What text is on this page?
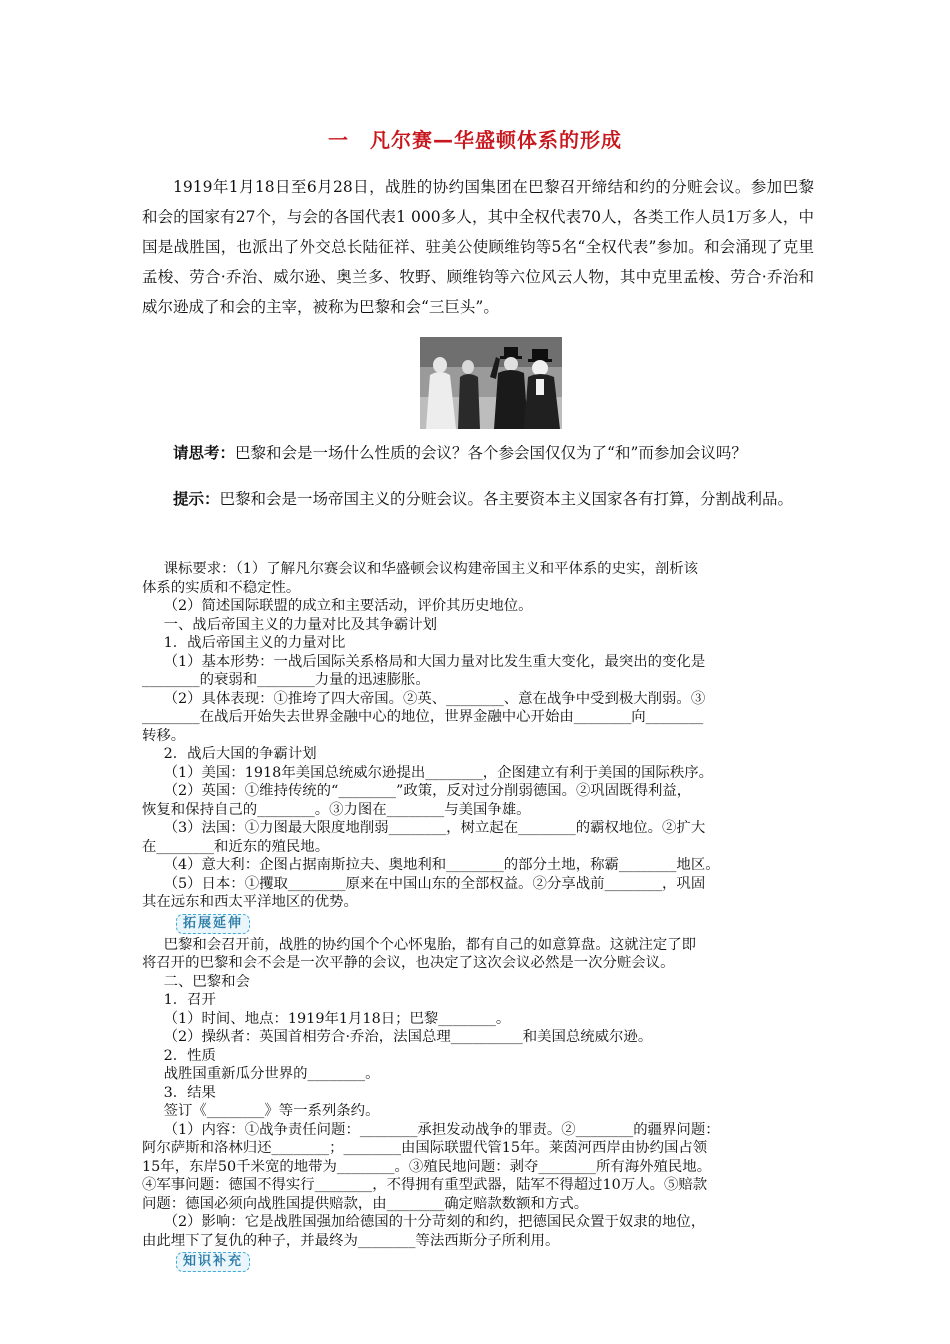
一　凡尔赛—华盛顿体系的形成

1919年1月18日至6月28日，战胜的协约国集团在巴黎召开缔结和约的分赃会议。参加巴黎和会的国家有27个，与会的各国代表1 000多人，其中全权代表70人，各类工作人员1万多人，中国是战胜国，也派出了外交总长陆征祥、驻美公使顾维钧等5名“全权代表”参加。和会涌现了克里孟梭、劳合·乔治、威尔逊、奥兰多、牧野、顾维钧等六位风云人物，其中克里孟梭、劳合·乔治和威尔逊成了和会的主宰，被称为巴黎和会“三巨头”。

请思考：巴黎和会是一场什么性质的会议？各个参会国仅仅为了“和”而参加会议吗？

提示：巴黎和会是一场帝国主义的分赃会议。各主要资本主义国家各有打算，分割战利品。

课标要求：（1）了解凡尔赛会议和华盛顿会议构建帝国主义和平体系的史实，剖析该
体系的实质和不稳定性。
（2）简述国际联盟的成立和主要活动，评价其历史地位。
一、战后帝国主义的力量对比及其争霸计划
1．战后帝国主义的力量对比
（1）基本形势：一战后国际关系格局和大国力量对比发生重大变化，最突出的变化是
________的衰弱和________力量的迅速膨胀。
（2）具体表现：①推垮了四大帝国。②英、________、意在战争中受到极大削弱。③
________在战后开始失去世界金融中心的地位，世界金融中心开始由________向________
转移。
2．战后大国的争霸计划
（1）美国：1918年美国总统威尔逊提出________，企图建立有利于美国的国际秩序。
（2）英国：①维持传统的“________”政策，反对过分削弱德国。②巩固既得利益，
恢复和保持自己的________。③力图在________与美国争雄。
（3）法国：①力图最大限度地削弱________，树立起在________的霸权地位。②扩大
在________和近东的殖民地。
（4）意大利：企图占据南斯拉夫、奥地利和________的部分土地，称霸________地区。
（5）日本：①攫取________原来在中国山东的全部权益。②分享战前________，巩固
其在远东和西太平洋地区的优势。
拓展延伸
巴黎和会召开前，战胜的协约国个个心怀鬼胎，都有自己的如意算盘。这就注定了即
将召开的巴黎和会不会是一次平静的会议，也决定了这次会议必然是一次分赃会议。
二、巴黎和会
1．召开
（1）时间、地点：1919年1月18日；巴黎________。
（2）操纵者：英国首相劳合·乔治，法国总理__________和美国总统威尔逊。
2．性质
战胜国重新瓜分世界的________。
3．结果
签订《________》等一系列条约。
（1）内容：①战争责任问题：________承担发动战争的罪责。②________的疆界问题：
阿尔萨斯和洛林归还________；________由国际联盟代管15年。莱茵河西岸由协约国占领
15年，东岸50千米宽的地带为________。③殖民地问题：剥夺________所有海外殖民地。
④军事问题：德国不得实行________，不得拥有重型武器，陆军不得超过10万人。⑤赔款
问题：德国必须向战胜国提供赔款，由________确定赔款数额和方式。
（2）影响：它是战胜国强加给德国的十分苛刻的和约，把德国民众置于奴隶的地位，
由此埋下了复仇的种子，并最终为________等法西斯分子所利用。
知识补充
